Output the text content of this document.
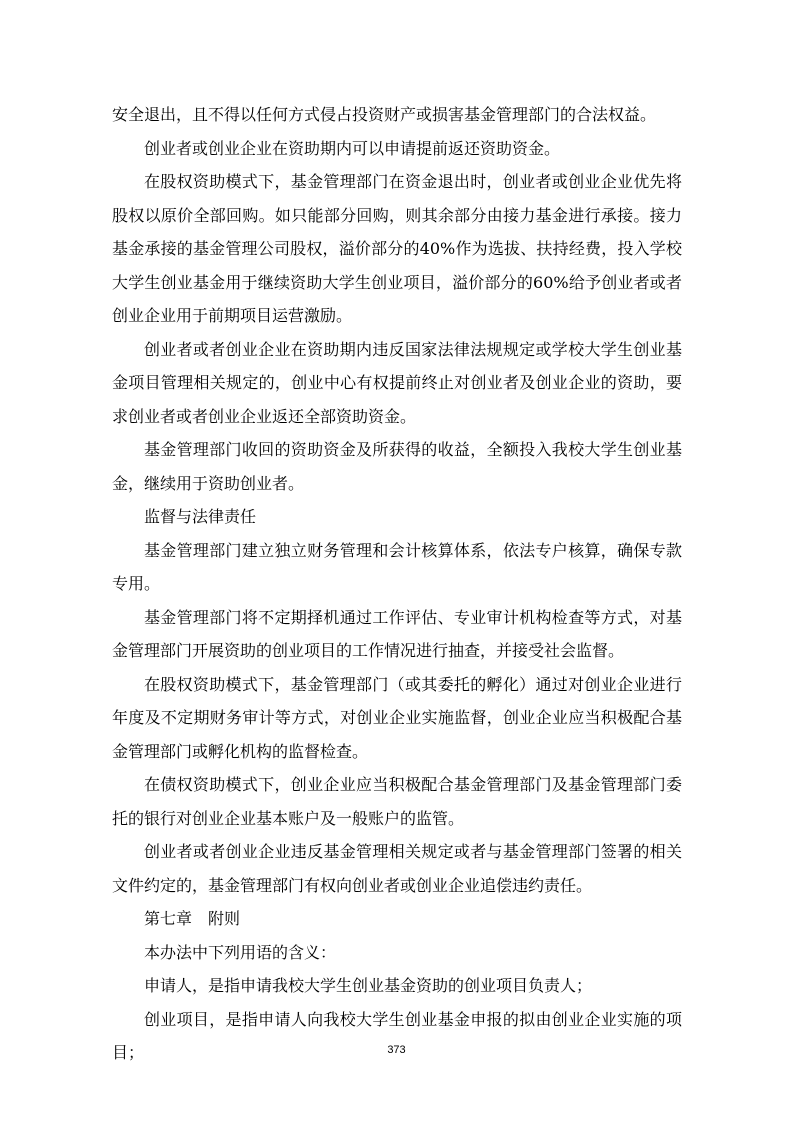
安全退出，且不得以任何方式侵占投资财产或损害基金管理部门的合法权益。

创业者或创业企业在资助期内可以申请提前返还资助资金。

在股权资助模式下，基金管理部门在资金退出时，创业者或创业企业优先将股权以原价全部回购。如只能部分回购，则其余部分由接力基金进行承接。接力基金承接的基金管理公司股权，溢价部分的40%作为选拔、扶持经费，投入学校大学生创业基金用于继续资助大学生创业项目，溢价部分的60%给予创业者或者创业企业用于前期项目运营激励。

创业者或者创业企业在资助期内违反国家法律法规规定或学校大学生创业基金项目管理相关规定的，创业中心有权提前终止对创业者及创业企业的资助，要求创业者或者创业企业返还全部资助资金。

基金管理部门收回的资助资金及所获得的收益，全额投入我校大学生创业基金，继续用于资助创业者。

监督与法律责任

基金管理部门建立独立财务管理和会计核算体系，依法专户核算，确保专款专用。

基金管理部门将不定期择机通过工作评估、专业审计机构检查等方式，对基金管理部门开展资助的创业项目的工作情况进行抽查，并接受社会监督。

在股权资助模式下，基金管理部门（或其委托的孵化）通过对创业企业进行年度及不定期财务审计等方式，对创业企业实施监督，创业企业应当积极配合基金管理部门或孵化机构的监督检查。

在债权资助模式下，创业企业应当积极配合基金管理部门及基金管理部门委托的银行对创业企业基本账户及一般账户的监管。

创业者或者创业企业违反基金管理相关规定或者与基金管理部门签署的相关文件约定的，基金管理部门有权向创业者或创业企业追偿违约责任。

第七章　附则

本办法中下列用语的含义：

申请人，是指申请我校大学生创业基金资助的创业项目负责人；

创业项目，是指申请人向我校大学生创业基金申报的拟由创业企业实施的项目；	373
